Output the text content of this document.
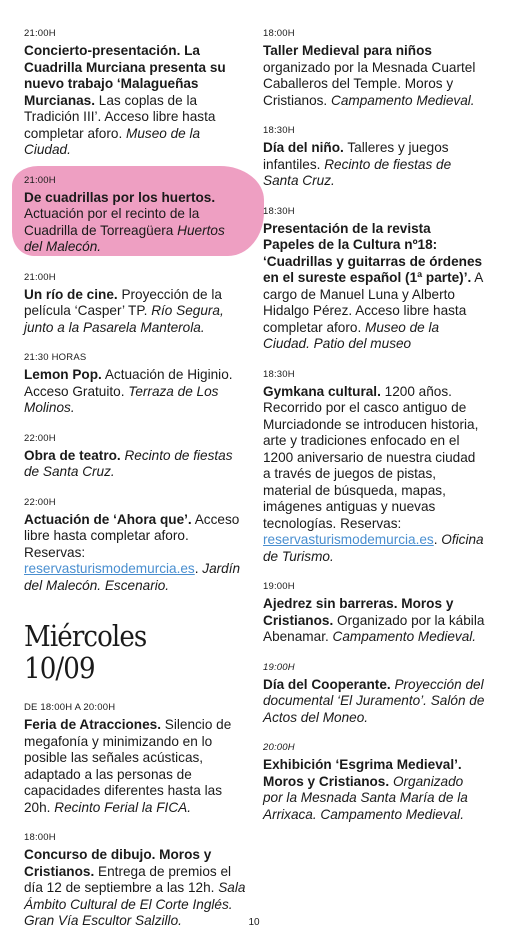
21:00H
Concierto-presentación. La Cuadrilla Murciana presenta su nuevo trabajo ‘Malagueñas Murcianas. Las coplas de la Tradición III’. Acceso libre hasta completar aforo. Museo de la Ciudad.
21:00H
De cuadrillas por los huertos. Actuación por el recinto de la Cuadrilla de Torreagüera Huertos del Malecón.
21:00H
Un río de cine. Proyección de la película ‘Casper’ TP. Río Segura, junto a la Pasarela Manterola.
21:30 HORAS
Lemon Pop. Actuación de Higinio. Acceso Gratuito. Terraza de Los Molinos.
22:00H
Obra de teatro. Recinto de fiestas de Santa Cruz.
22:00H
Actuación de ‘Ahora que’. Acceso libre hasta completar aforo. Reservas: reservasturismodemurcia.es. Jardín del Malecón. Escenario.
Miércoles 10/09
DE 18:00H A 20:00H
Feria de Atracciones. Silencio de megafonía y minimizando en lo posible las señales acústicas, adaptado a las personas de capacidades diferentes hasta las 20h. Recinto Ferial la FICA.
18:00H
Concurso de dibujo. Moros y Cristianos. Entrega de premios el día 12 de septiembre a las 12h. Sala Ámbito Cultural de El Corte Inglés. Gran Vía Escultor Salzillo.
18:00H
Taller Medieval para niños organizado por la Mesnada Cuartel Caballeros del Temple. Moros y Cristianos. Campamento Medieval.
18:30H
Día del niño. Talleres y juegos infantiles. Recinto de fiestas de Santa Cruz.
18:30H
Presentación de la revista Papeles de la Cultura nº18: ‘Cuadrillas y guitarras de órdenes en el sureste español (1ª parte)’. A cargo de Manuel Luna y Alberto Hidalgo Pérez. Acceso libre hasta completar aforo. Museo de la Ciudad. Patio del museo
18:30H
Gymkana cultural. 1200 años. Recorrido por el casco antiguo de Murciadonde se introducen historia, arte y tradiciones enfocado en el 1200 aniversario de nuestra ciudad a través de juegos de pistas, material de búsqueda, mapas, imágenes antiguas y nuevas tecnologías. Reservas: reservasturismodemurcia.es. Oficina de Turismo.
19:00H
Ajedrez sin barreras. Moros y Cristianos. Organizado por la kábila Abenamar. Campamento Medieval.
19:00H
Día del Cooperante. Proyección del documental ‘El Juramento’. Salón de Actos del Moneo.
20:00H
Exhibición ‘Esgrima Medieval’. Moros y Cristianos. Organizado por la Mesnada Santa María de la Arrixaca. Campamento Medieval.
10
